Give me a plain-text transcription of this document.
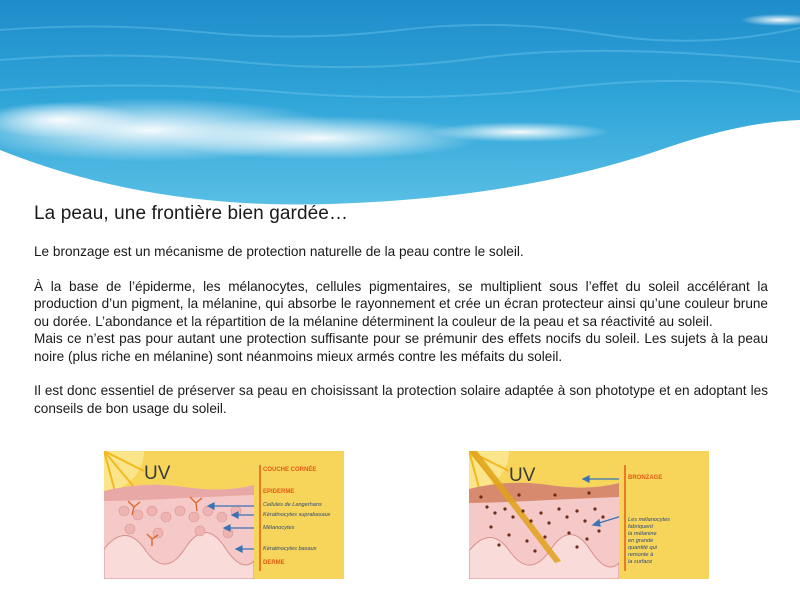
La peau, une frontière bien gardée…

Le bronzage est un mécanisme de protection naturelle de la peau contre le soleil.

À la base de l’épiderme, les mélanocytes, cellules pigmentaires, se multiplient sous l’effet du soleil accélérant la production d’un pigment, la mélanine, qui absorbe le rayonnement et crée un écran protecteur ainsi qu’une couleur brune ou dorée. L’abondance et la répartition de la mélanine déterminent la couleur de la peau et sa réactivité au soleil.

Mais ce n’est pas pour autant une protection suffisante pour se prémunir des effets nocifs du soleil. Les sujets à la peau noire (plus riche en mélanine) sont néanmoins mieux armés contre les méfaits du soleil.

Il est donc essentiel de préserver sa peau en choisissant la protection solaire adaptée à son phototype et en adoptant les conseils de bon usage du soleil.

UV	COUCHE CORNÉE
EPIDERME
Cellules de Langerhans
Kératinocytes suprabasaux
Mélanocytes
Kératinocytes basaux
DERME
UV	BRONZAGE
Les mélanocytes
fabriquent
la mélanine
en grande
quantité qui
remonte à
la surface
